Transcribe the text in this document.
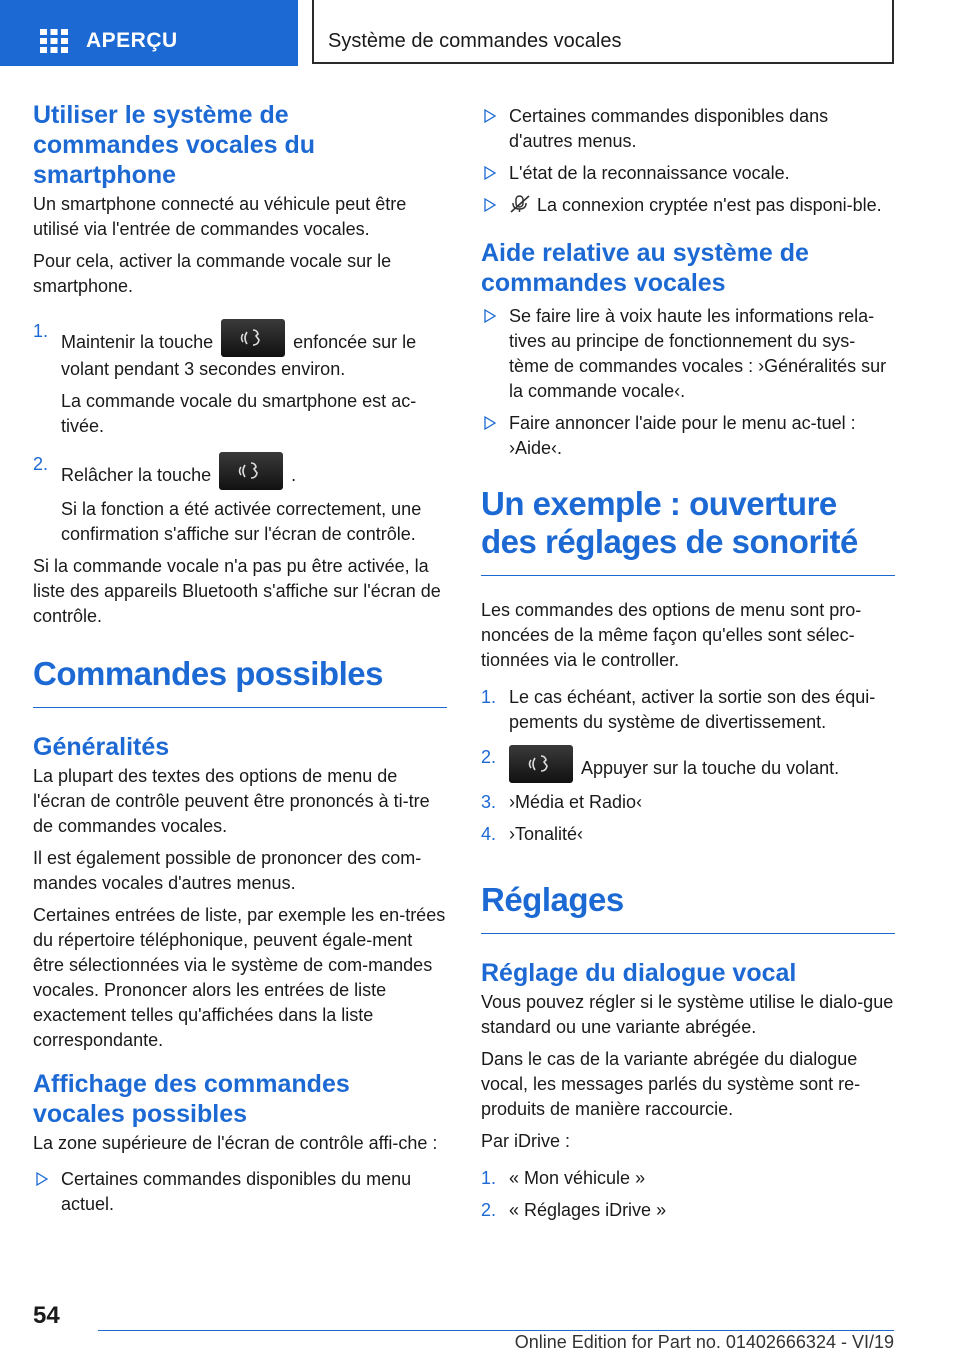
APERÇU	Système de commandes vocales
Utiliser le système de commandes vocales du smartphone

Un smartphone connecté au véhicule peut être utilisé via l'entrée de commandes vocales.

Pour cela, activer la commande vocale sur le smartphone.

1.
Maintenir la touche	enfoncée sur le volant pendant 3 secondes environ.
La commande vocale du smartphone est ac‐tivée.
2.
Relâcher la touche	.
Si la fonction a été activée correctement, une confirmation s'affiche sur l'écran de contrôle.

Si la commande vocale n'a pas pu être activée, la liste des appareils Bluetooth s'affiche sur l'écran de contrôle.

Commandes possibles
Généralités

La plupart des textes des options de menu de l'écran de contrôle peuvent être prononcés à ti‐tre de commandes vocales.

Il est également possible de prononcer des com‐mandes vocales d'autres menus.

Certaines entrées de liste, par exemple les en‐trées du répertoire téléphonique, peuvent égale‐ment être sélectionnées via le système de com‐mandes vocales. Prononcer alors les entrées de liste exactement telles qu'affichées dans la liste correspondante.

Affichage des commandes vocales possibles

La zone supérieure de l'écran de contrôle affi‐che :

Certaines commandes disponibles du menu actuel.
Certaines commandes disponibles dans d'autres menus.
L'état de la reconnaissance vocale.
La connexion cryptée n'est pas disponi‐ble.
Aide relative au système de commandes vocales
Se faire lire à voix haute les informations rela‐tives au principe de fonctionnement du sys‐tème de commandes vocales : ›Généralités sur la commande vocale‹.
Faire annoncer l'aide pour le menu ac‐tuel : ›Aide‹.
Un exemple : ouverture des réglages de sonorité

Les commandes des options de menu sont pro‐noncées de la même façon qu'elles sont sélec‐tionnées via le controller.

1. Le cas échéant, activer la sortie son des équi‐pements du système de divertissement.
2.
Appuyer sur la touche du volant.
3. ›Média et Radio‹
4. ›Tonalité‹
Réglages
Réglage du dialogue vocal

Vous pouvez régler si le système utilise le dialo‐gue standard ou une variante abrégée.

Dans le cas de la variante abrégée du dialogue vocal, les messages parlés du système sont re‐produits de manière raccourcie.

Par iDrive :

1. « Mon véhicule »
2. « Réglages iDrive »
54
Online Edition for Part no. 01402666324 - VI/19
